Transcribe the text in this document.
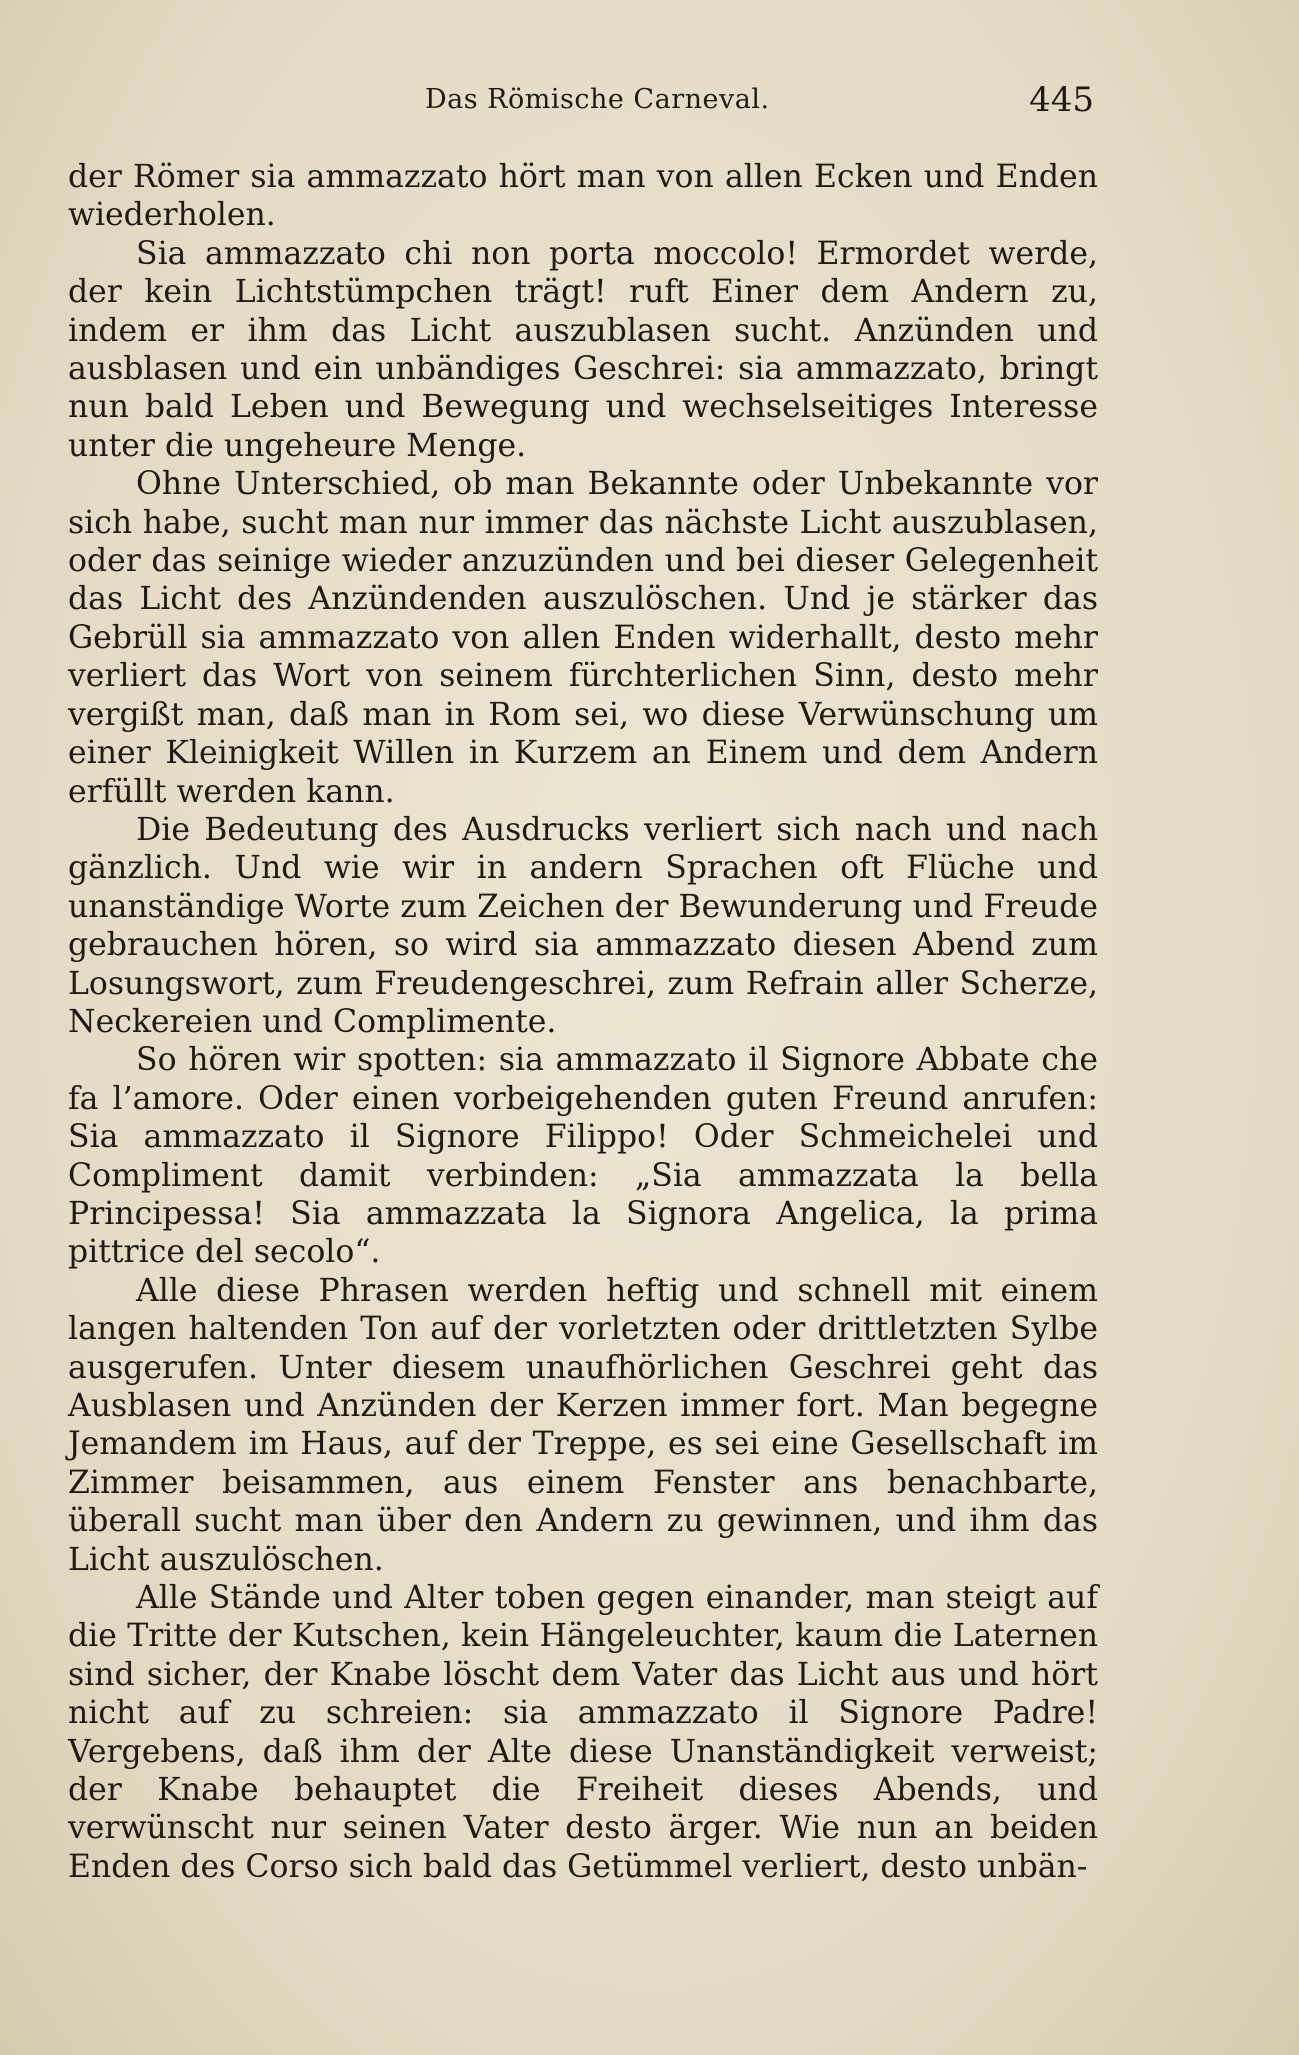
Das Römische Carneval.	445

der Römer sia ammazzato hört man von allen Ecken und Enden wiederholen.

Sia ammazzato chi non porta moccolo! Ermordet werde, der kein Lichtstümpchen trägt! ruft Einer dem Andern zu, indem er ihm das Licht auszublasen sucht. Anzünden und ausblasen und ein unbändiges Geschrei: sia ammazzato, bringt nun bald Leben und Bewegung und wechselseitiges Interesse unter die ungeheure Menge.

Ohne Unterschied, ob man Bekannte oder Unbekannte vor sich habe, sucht man nur immer das nächste Licht auszublasen, oder das seinige wieder anzuzünden und bei dieser Gelegenheit das Licht des Anzündenden auszulöschen. Und je stärker das Gebrüll sia ammazzato von allen Enden widerhallt, desto mehr verliert das Wort von seinem fürchterlichen Sinn, desto mehr vergißt man, daß man in Rom sei, wo diese Verwünschung um einer Kleinigkeit Willen in Kurzem an Einem und dem Andern erfüllt werden kann.

Die Bedeutung des Ausdrucks verliert sich nach und nach gänzlich. Und wie wir in andern Sprachen oft Flüche und unanständige Worte zum Zeichen der Bewunderung und Freude gebrauchen hören, so wird sia ammazzato diesen Abend zum Losungswort, zum Freudengeschrei, zum Refrain aller Scherze, Neckereien und Complimente.

So hören wir spotten: sia ammazzato il Signore Abbate che fa l’amore. Oder einen vorbeigehenden guten Freund anrufen: Sia ammazzato il Signore Filippo! Oder Schmeichelei und Compliment damit verbinden: „Sia ammazzata la bella Principessa! Sia ammazzata la Signora Angelica, la prima pittrice del secolo“.

Alle diese Phrasen werden heftig und schnell mit einem langen haltenden Ton auf der vorletzten oder drittletzten Sylbe ausgerufen. Unter diesem unaufhörlichen Geschrei geht das Ausblasen und Anzünden der Kerzen immer fort. Man begegne Jemandem im Haus, auf der Treppe, es sei eine Gesellschaft im Zimmer beisammen, aus einem Fenster ans benachbarte, überall sucht man über den Andern zu gewinnen, und ihm das Licht auszulöschen.

Alle Stände und Alter toben gegen einander, man steigt auf die Tritte der Kutschen, kein Hängeleuchter, kaum die Laternen sind sicher, der Knabe löscht dem Vater das Licht aus und hört nicht auf zu schreien: sia ammazzato il Signore Padre! Vergebens, daß ihm der Alte diese Unanständigkeit verweist; der Knabe behauptet die Freiheit dieses Abends, und verwünscht nur seinen Vater desto ärger. Wie nun an beiden Enden des Corso sich bald das Getümmel verliert, desto unbän-
